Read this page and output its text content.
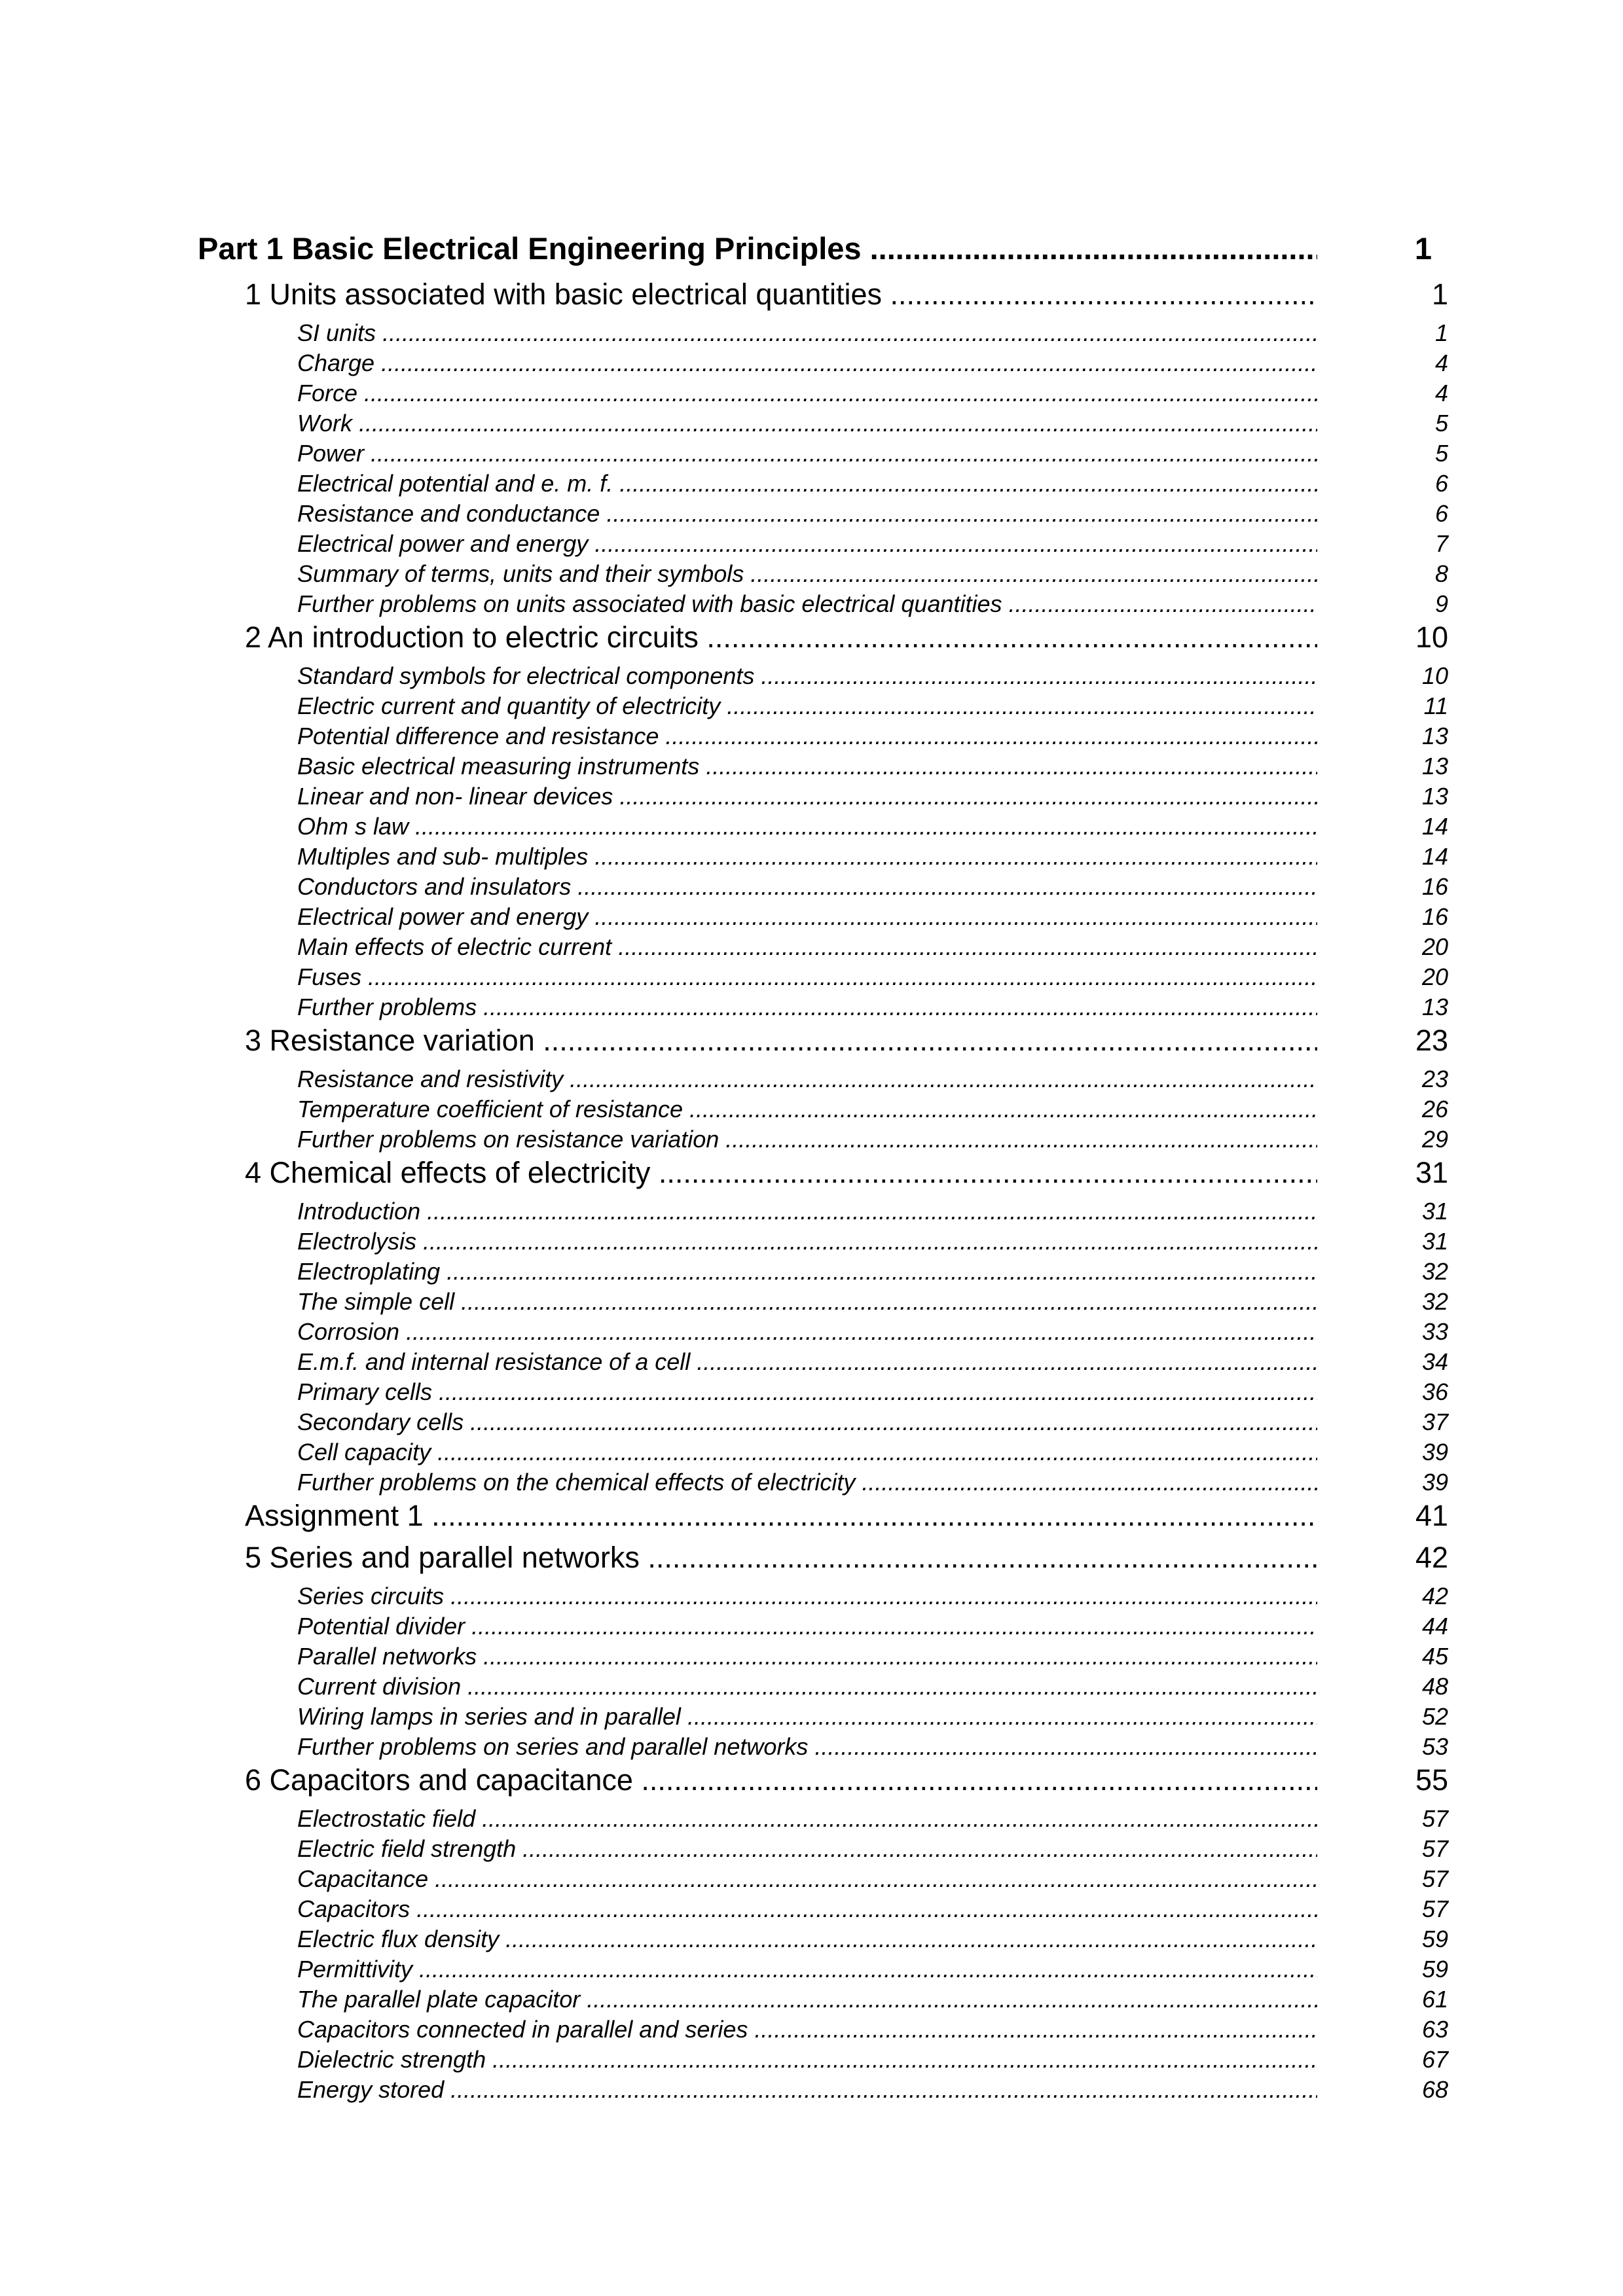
Part 1 Basic Electrical Engineering Principles .....	1
1 Units associated with basic electrical quantities .....	1
SI units .....	1
Charge .....	4
Force .....	4
Work .....	5
Power .....	5
Electrical potential and e. m. f. .....	6
Resistance and conductance .....	6
Electrical power and energy .....	7
Summary of terms, units and their symbols .....	8
Further problems on units associated with basic electrical quantities .....	9
2 An introduction to electric circuits .....	10
Standard symbols for electrical components .....	10
Electric current and quantity of electricity .....	11
Potential difference and resistance .....	13
Basic electrical measuring instruments .....	13
Linear and non- linear devices .....	13
Ohm s law .....	14
Multiples and sub- multiples .....	14
Conductors and insulators .....	16
Electrical power and energy .....	16
Main effects of electric current .....	20
Fuses .....	20
Further problems .....	13
3 Resistance variation .....	23
Resistance and resistivity .....	23
Temperature coefficient of resistance .....	26
Further problems on resistance variation .....	29
4 Chemical effects of electricity .....	31
Introduction .....	31
Electrolysis .....	31
Electroplating .....	32
The simple cell .....	32
Corrosion .....	33
E.m.f. and internal resistance of a cell .....	34
Primary cells .....	36
Secondary cells .....	37
Cell capacity .....	39
Further problems on the chemical effects of electricity .....	39
Assignment 1 .....	41
5 Series and parallel networks .....	42
Series circuits .....	42
Potential divider .....	44
Parallel networks .....	45
Current division .....	48
Wiring lamps in series and in parallel .....	52
Further problems on series and parallel networks .....	53
6 Capacitors and capacitance .....	55
Electrostatic field .....	57
Electric field strength .....	57
Capacitance .....	57
Capacitors .....	57
Electric flux density .....	59
Permittivity .....	59
The parallel plate capacitor .....	61
Capacitors connected in parallel and series .....	63
Dielectric strength .....	67
Energy stored .....	68
